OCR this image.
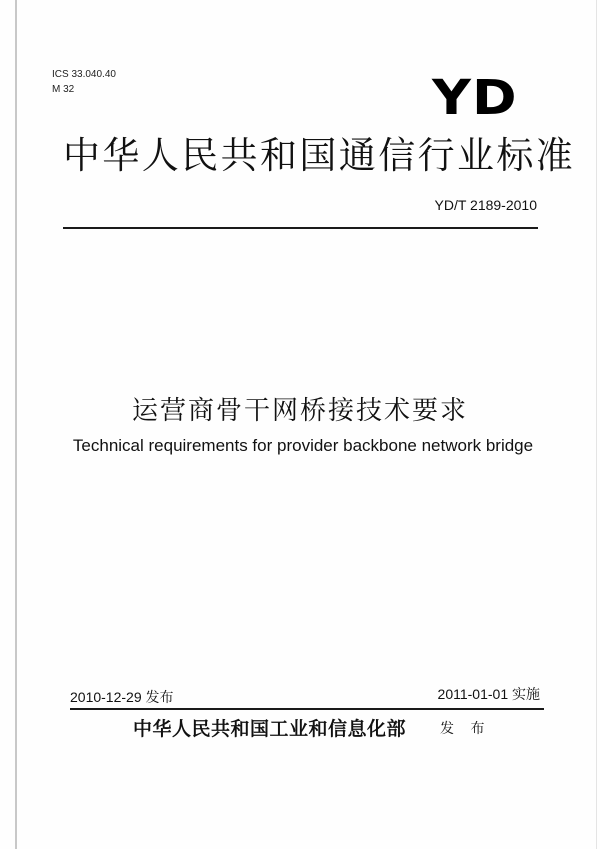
ICS 33.040.40
M 32	YD
中华人民共和国通信行业标准
YD/T 2189-2010
运营商骨干网桥接技术要求
Technical requirements for provider backbone network bridge
2010-12-29 发布	2011-01-01 实施
中华人民共和国工业和信息化部 发 布
